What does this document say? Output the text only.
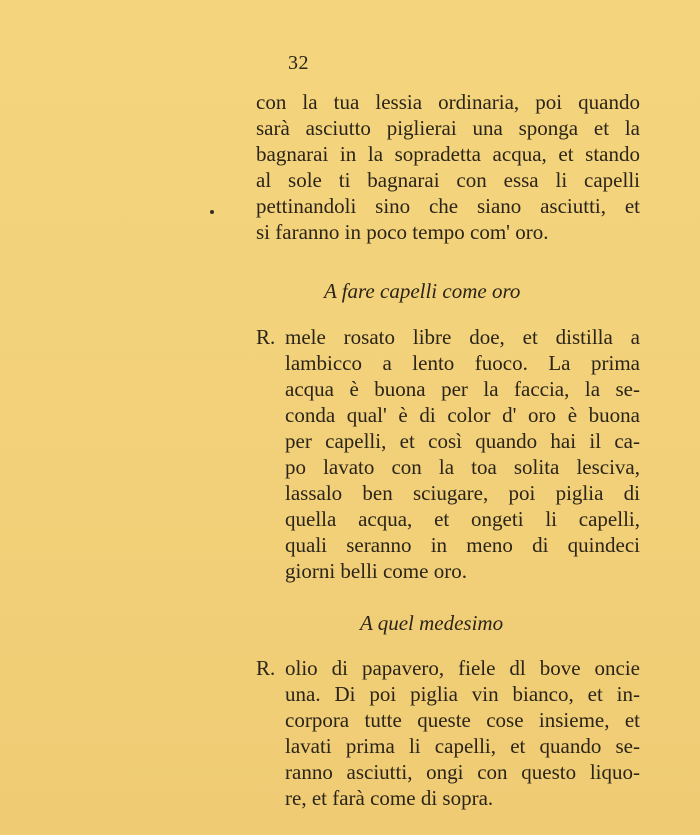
32
con la tua lessia ordinaria, poi quando
sarà asciutto piglierai una sponga et la
bagnarai in la sopradetta acqua, et stando
al sole ti bagnarai con essa li capelli
pettinandoli sino che siano asciutti, et
si faranno in poco tempo com' oro.
A fare capelli come oro
R. mele rosato libre doe, et distilla a
lambicco a lento fuoco. La prima
acqua è buona per la faccia, la se-
conda qual' è di color d' oro è buona
per capelli, et così quando hai il ca-
po lavato con la toa solita lesciva,
lassalo ben sciugare, poi piglia di
quella acqua, et ongeti li capelli,
quali seranno in meno di quindeci
giorni belli come oro.
A quel medesimo
R. olio di papavero, fiele dl bove oncie
una. Di poi piglia vin bianco, et in-
corpora tutte queste cose insieme, et
lavati prima li capelli, et quando se-
ranno asciutti, ongi con questo liquo-
re, et farà come di sopra.
